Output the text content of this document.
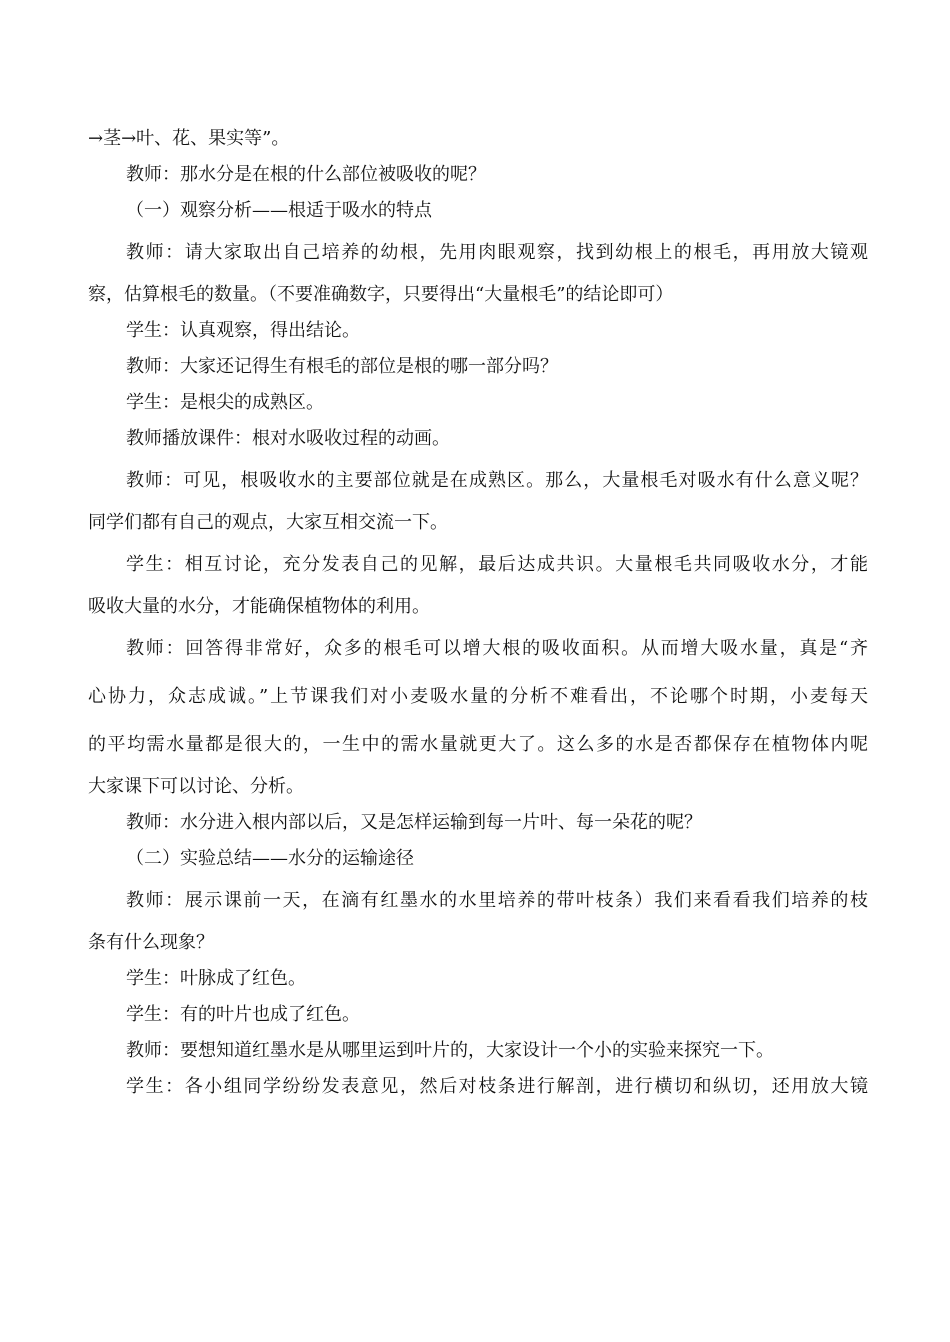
→茎→叶、花、果实等”。
教师：那水分是在根的什么部位被吸收的呢？
（一）观察分析——根适于吸水的特点
教师：请大家取出自己培养的幼根，先用肉眼观察，找到幼根上的根毛，再用放大镜观
察，估算根毛的数量。（不要准确数字，只要得出“大量根毛”的结论即可）
学生：认真观察，得出结论。
教师：大家还记得生有根毛的部位是根的哪一部分吗？
学生：是根尖的成熟区。
教师播放课件：根对水吸收过程的动画。
教师：可见，根吸收水的主要部位就是在成熟区。那么，大量根毛对吸水有什么意义呢？
同学们都有自己的观点，大家互相交流一下。
学生：相互讨论，充分发表自己的见解，最后达成共识。大量根毛共同吸收水分，才能
吸收大量的水分，才能确保植物体的利用。
教师：回答得非常好，众多的根毛可以增大根的吸收面积。从而增大吸水量，真是“齐
心协力，众志成诚。”上节课我们对小麦吸水量的分析不难看出，不论哪个时期，小麦每天
的平均需水量都是很大的，一生中的需水量就更大了。这么多的水是否都保存在植物体内呢
大家课下可以讨论、分析。
教师：水分进入根内部以后，又是怎样运输到每一片叶、每一朵花的呢？
（二）实验总结——水分的运输途径
教师：展示课前一天，在滴有红墨水的水里培养的带叶枝条）我们来看看我们培养的枝
条有什么现象？
学生：叶脉成了红色。
学生：有的叶片也成了红色。
教师：要想知道红墨水是从哪里运到叶片的，大家设计一个小的实验来探究一下。
学生：各小组同学纷纷发表意见，然后对枝条进行解剖，进行横切和纵切，还用放大镜
